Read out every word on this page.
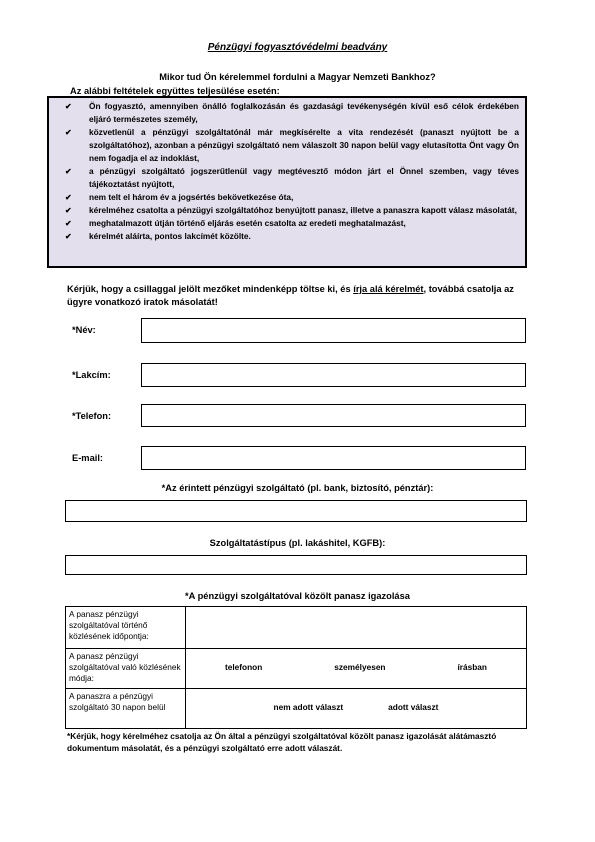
Pénzügyi fogyasztóvédelmi beadvány
Mikor tud Ön kérelemmel fordulni a Magyar Nemzeti Bankhoz?
Az alábbi feltételek együttes teljesülése esetén:
✔ Ön fogyasztó, amennyiben önálló foglalkozásán és gazdasági tevékenységén kívül eső célok érdekében eljáró természetes személy,
✔ közvetlenül a pénzügyi szolgáltatónál már megkísérelte a vita rendezését (panaszt nyújtott be a szolgáltatóhoz), azonban a pénzügyi szolgáltató nem válaszolt 30 napon belül vagy elutasította Önt vagy Ön nem fogadja el az indoklást,
✔ a pénzügyi szolgáltató jogszerűtlenül vagy megtévesztő módon járt el Önnel szemben, vagy téves tájékoztatást nyújtott,
✔ nem telt el három év a jogsértés bekövetkezése óta,
✔ kérelméhez csatolta a pénzügyi szolgáltatóhoz benyújtott panasz, illetve a panaszra kapott válasz másolatát,
✔ meghatalmazott útján történő eljárás esetén csatolta az eredeti meghatalmazást,
✔ kérelmét aláírta, pontos lakcímét közölte.
Kérjük, hogy a csillaggal jelölt mezőket mindenképp töltse ki, és írja alá kérelmét, továbbá csatolja az ügyre vonatkozó iratok másolatát!
*Név:
*Lakcím:
*Telefon:
E-mail:
*Az érintett pénzügyi szolgáltató (pl. bank, biztosító, pénztár):
Szolgáltatástípus (pl. lakáshitel, KGFB):
*A pénzügyi szolgáltatóval közölt panasz igazolása
A panasz pénzügyi szolgáltatóval történő közlésének időpontja:	
A panasz pénzügyi szolgáltatóval való közlésének módja:	telefonon személyesen írásban

A panaszra a pénzügyi szolgáltató 30 napon belül	nem adott választ adott választ
*Kérjük, hogy kérelméhez csatolja az Ön által a pénzügyi szolgáltatóval közölt panasz igazolását alátámasztó dokumentum másolatát, és a pénzügyi szolgáltató erre adott válaszát.
